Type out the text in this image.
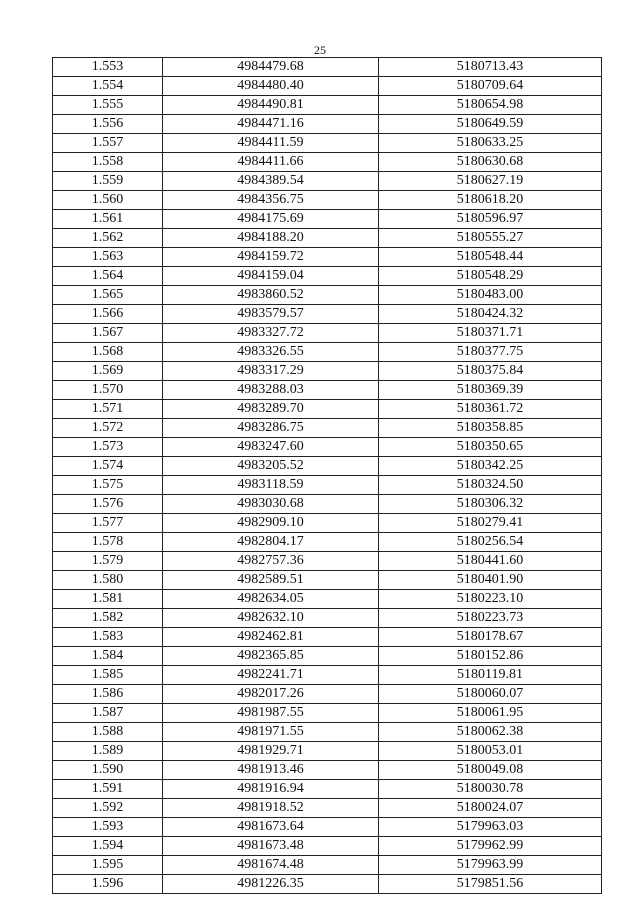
25
1.553	4984479.68	5180713.43
1.554	4984480.40	5180709.64
1.555	4984490.81	5180654.98
1.556	4984471.16	5180649.59
1.557	4984411.59	5180633.25
1.558	4984411.66	5180630.68
1.559	4984389.54	5180627.19
1.560	4984356.75	5180618.20
1.561	4984175.69	5180596.97
1.562	4984188.20	5180555.27
1.563	4984159.72	5180548.44
1.564	4984159.04	5180548.29
1.565	4983860.52	5180483.00
1.566	4983579.57	5180424.32
1.567	4983327.72	5180371.71
1.568	4983326.55	5180377.75
1.569	4983317.29	5180375.84
1.570	4983288.03	5180369.39
1.571	4983289.70	5180361.72
1.572	4983286.75	5180358.85
1.573	4983247.60	5180350.65
1.574	4983205.52	5180342.25
1.575	4983118.59	5180324.50
1.576	4983030.68	5180306.32
1.577	4982909.10	5180279.41
1.578	4982804.17	5180256.54
1.579	4982757.36	5180441.60
1.580	4982589.51	5180401.90
1.581	4982634.05	5180223.10
1.582	4982632.10	5180223.73
1.583	4982462.81	5180178.67
1.584	4982365.85	5180152.86
1.585	4982241.71	5180119.81
1.586	4982017.26	5180060.07
1.587	4981987.55	5180061.95
1.588	4981971.55	5180062.38
1.589	4981929.71	5180053.01
1.590	4981913.46	5180049.08
1.591	4981916.94	5180030.78
1.592	4981918.52	5180024.07
1.593	4981673.64	5179963.03
1.594	4981673.48	5179962.99
1.595	4981674.48	5179963.99
1.596	4981226.35	5179851.56
